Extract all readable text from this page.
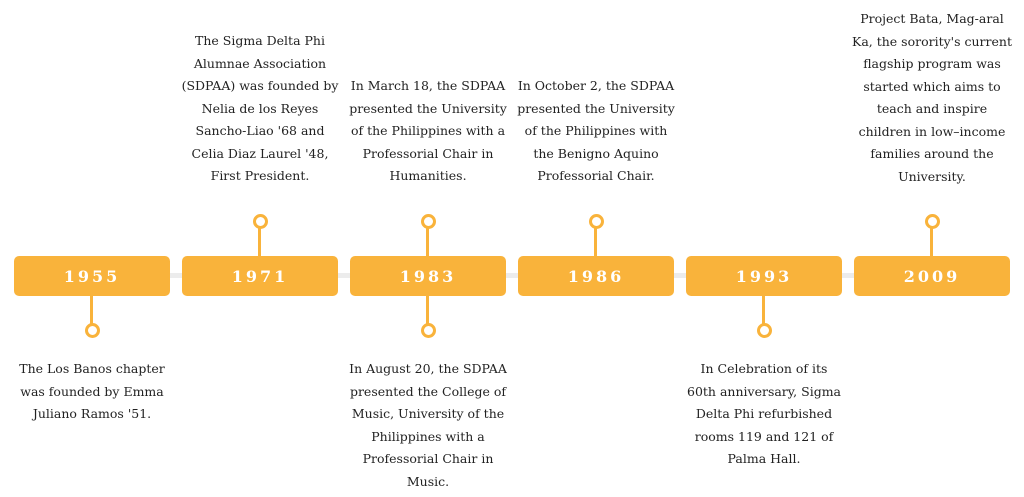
1955
The Los Banos chapter
was founded by Emma
Juliano Ramos '51.
1971
The Sigma Delta Phi
Alumnae Association
(SDPAA) was founded by
Nelia de los Reyes
Sancho-Liao '68 and
Celia Diaz Laurel '48,
First President.
1983
In March 18, the SDPAA
presented the University
of the Philippines with a
Professorial Chair in
Humanities.
In August 20, the SDPAA
presented the College of
Music, University of the
Philippines with a
Professorial Chair in
Music.
1986
In October 2, the SDPAA
presented the University
of the Philippines with
the Benigno Aquino
Professorial Chair.
1993
In Celebration of its
60th anniversary, Sigma
Delta Phi refurbished
rooms 119 and 121 of
Palma Hall.
2009
Project Bata, Mag-aral
Ka, the sorority's current
flagship program was
started which aims to
teach and inspire
children in low–income
families around the
University.
